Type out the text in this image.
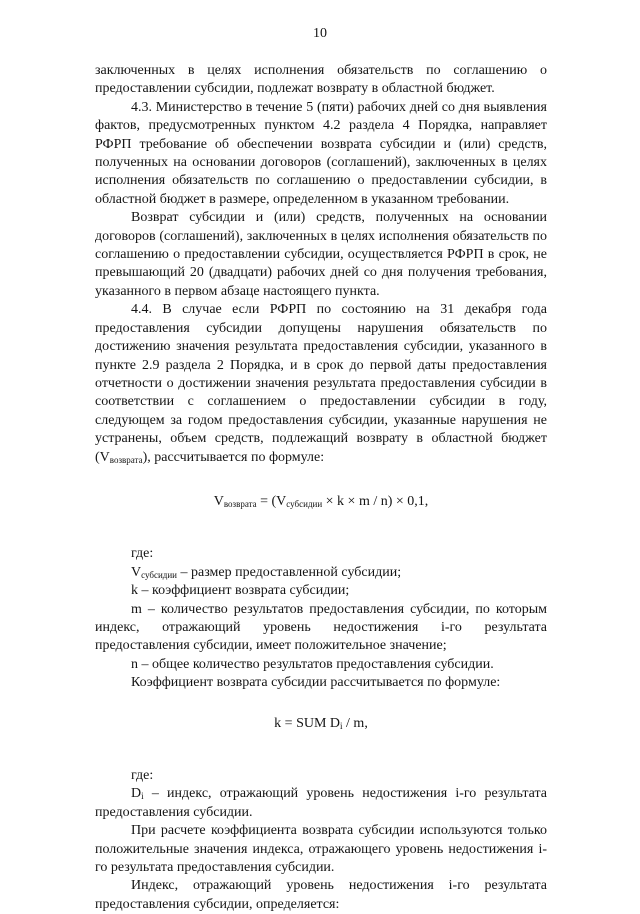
10

заключенных в целях исполнения обязательств по соглашению о предоставлении субсидии, подлежат возврату в областной бюджет.

4.3. Министерство в течение 5 (пяти) рабочих дней со дня выявления фактов, предусмотренных пунктом 4.2 раздела 4 Порядка, направляет РФРП требование об обеспечении возврата субсидии и (или) средств, полученных на основании договоров (соглашений), заключенных в целях исполнения обязательств по соглашению о предоставлении субсидии, в областной бюджет в размере, определенном в указанном требовании.

Возврат субсидии и (или) средств, полученных на основании договоров (соглашений), заключенных в целях исполнения обязательств по соглашению о предоставлении субсидии, осуществляется РФРП в срок, не превышающий 20 (двадцати) рабочих дней со дня получения требования, указанного в первом абзаце настоящего пункта.

4.4. В случае если РФРП по состоянию на 31 декабря года предоставления субсидии допущены нарушения обязательств по достижению значения результата предоставления субсидии, указанного в пункте 2.9 раздела 2 Порядка, и в срок до первой даты предоставления отчетности о достижении значения результата предоставления субсидии в соответствии с соглашением о предоставлении субсидии в году, следующем за годом предоставления субсидии, указанные нарушения не устранены, объем средств, подлежащий возврату в областной бюджет $(V_{возврата})$, рассчитывается по формуле:

$V_{возврата} = (V_{субсидии} \times k \times m / n) \times 0,1$,

где:

$V_{субсидии}$ – размер предоставленной субсидии;

k – коэффициент возврата субсидии;

m – количество результатов предоставления субсидии, по которым индекс, отражающий уровень недостижения i-го результата предоставления субсидии, имеет положительное значение;

n – общее количество результатов предоставления субсидии.

Коэффициент возврата субсидии рассчитывается по формуле:

k = SUM $D_i$ / m,

где:

$D_i$ – индекс, отражающий уровень недостижения i-го результата предоставления субсидии.

При расчете коэффициента возврата субсидии используются только положительные значения индекса, отражающего уровень недостижения i-го результата предоставления субсидии.

Индекс, отражающий уровень недостижения i-го результата предоставления субсидии, определяется:
